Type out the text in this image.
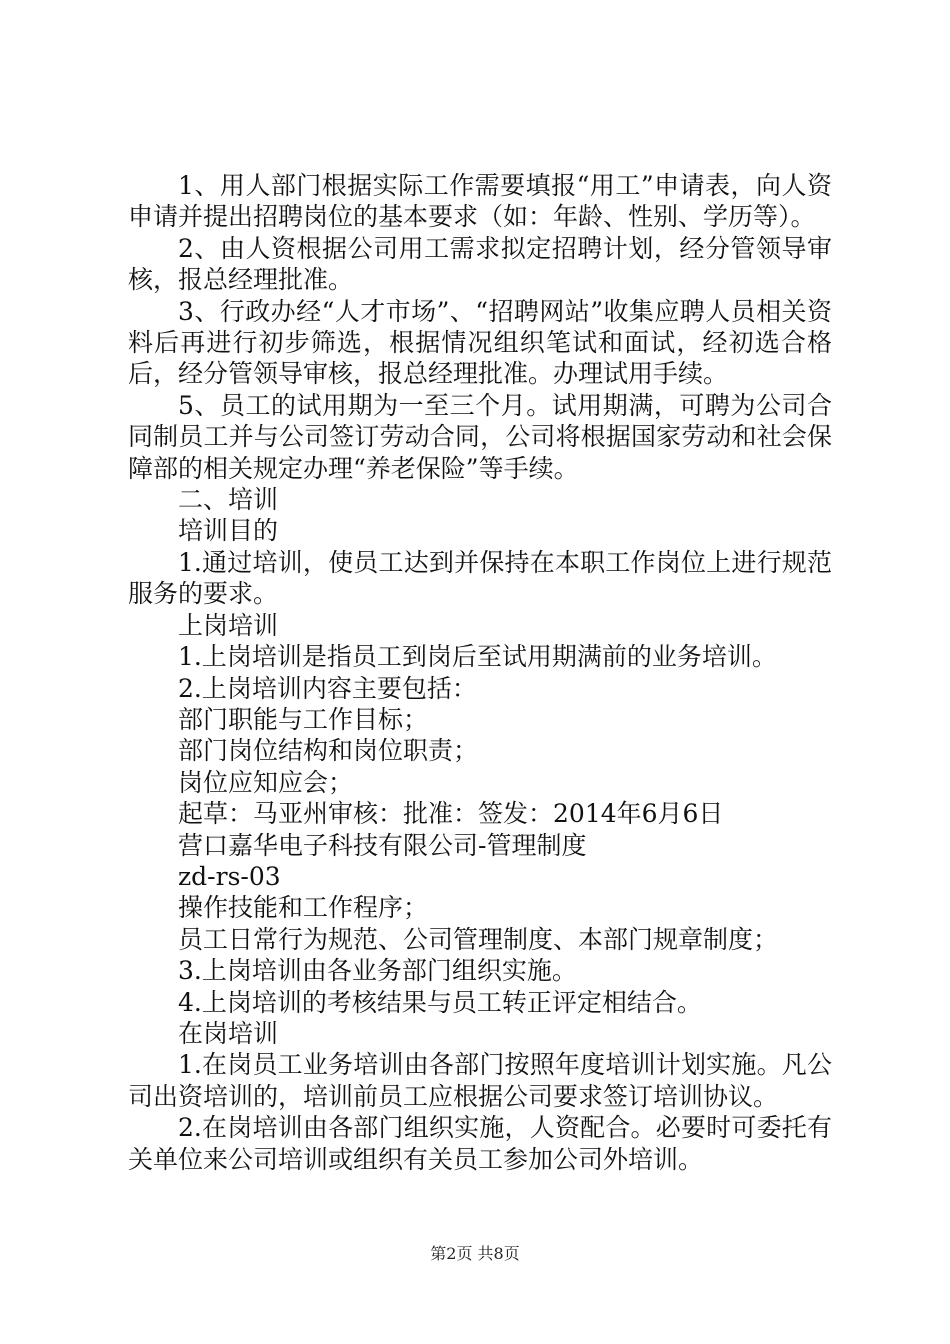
1、用人部门根据实际工作需要填报“用工”申请表，向人资申请并提出招聘岗位的基本要求（如：年龄、性别、学历等）。

2、由人资根据公司用工需求拟定招聘计划，经分管领导审核，报总经理批准。

3、行政办经“人才市场”、“招聘网站”收集应聘人员相关资料后再进行初步筛选，根据情况组织笔试和面试，经初选合格后，经分管领导审核，报总经理批准。办理试用手续。

5、员工的试用期为一至三个月。试用期满，可聘为公司合同制员工并与公司签订劳动合同，公司将根据国家劳动和社会保障部的相关规定办理“养老保险”等手续。

二、培训

培训目的

1.通过培训，使员工达到并保持在本职工作岗位上进行规范服务的要求。

上岗培训

1.上岗培训是指员工到岗后至试用期满前的业务培训。

2.上岗培训内容主要包括：

部门职能与工作目标；

部门岗位结构和岗位职责；

岗位应知应会；

起草：马亚州审核：批准：签发：2014年6月6日

营口嘉华电子科技有限公司-管理制度

zd-rs-03

操作技能和工作程序；

员工日常行为规范、公司管理制度、本部门规章制度；

3.上岗培训由各业务部门组织实施。

4.上岗培训的考核结果与员工转正评定相结合。

在岗培训

1.在岗员工业务培训由各部门按照年度培训计划实施。凡公司出资培训的，培训前员工应根据公司要求签订培训协议。

2.在岗培训由各部门组织实施，人资配合。必要时可委托有关单位来公司培训或组织有关员工参加公司外培训。

第2页 共8页
